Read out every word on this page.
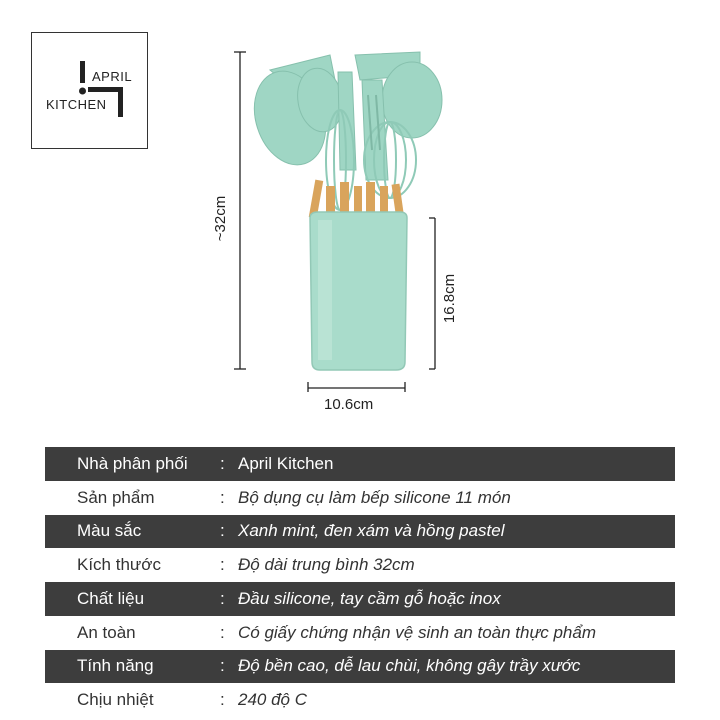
APRIL
KITCHEN
~32cm
16.8cm
10.6cm
Nhà phân phối	: April Kitchen
Sản phẩm	: Bộ dụng cụ làm bếp silicone 11 món
Màu sắc	: Xanh mint, đen xám và hồng pastel
Kích thước	: Độ dài trung bình 32cm
Chất liệu	: Đầu silicone, tay cầm gỗ hoặc inox
An toàn	: Có giấy chứng nhận vệ sinh an toàn thực phẩm
Tính năng	: Độ bền cao, dễ lau chùi, không gây trầy xước
Chịu nhiệt	: 240 độ C
